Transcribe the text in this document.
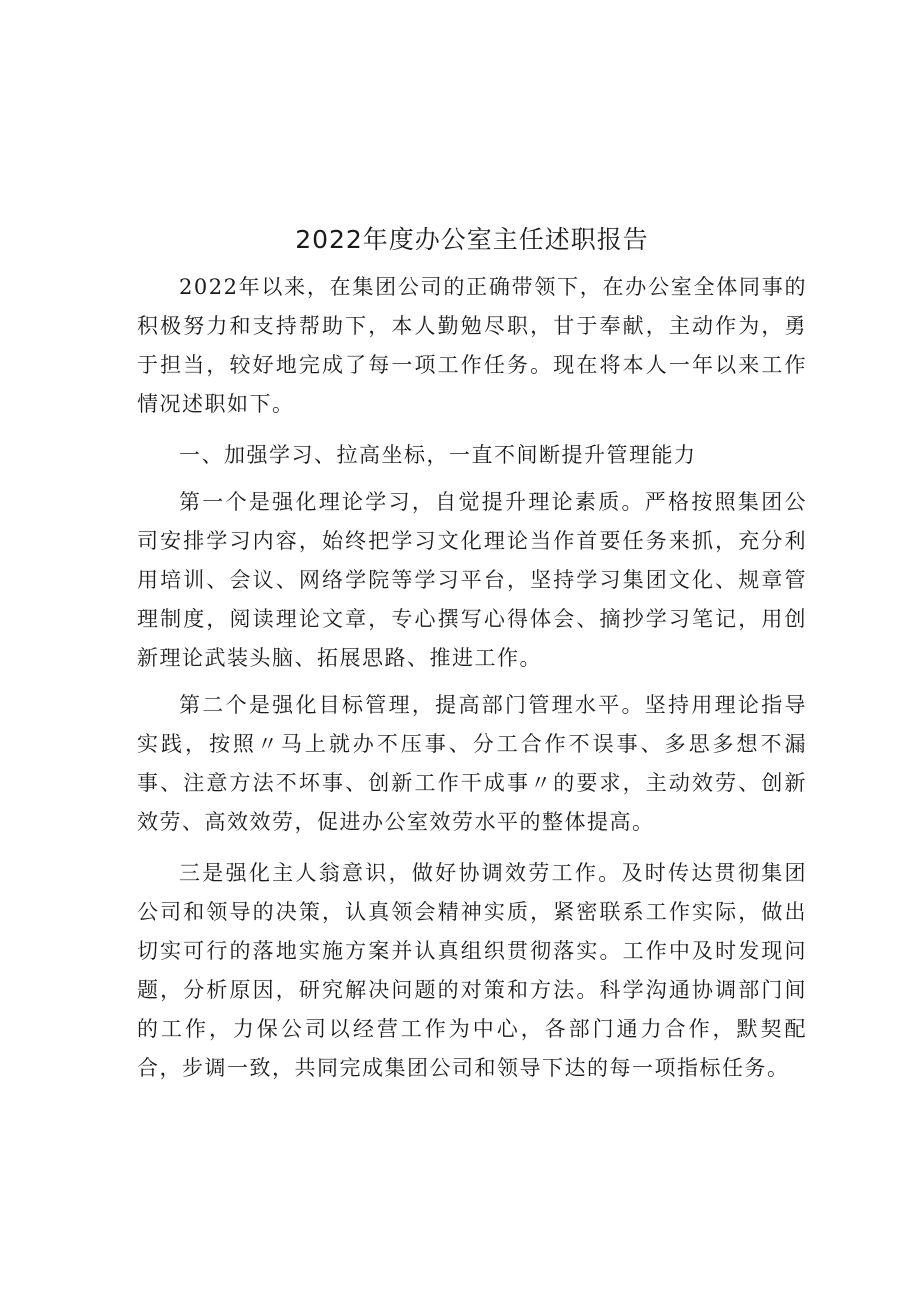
2022年度办公室主任述职报告

2022年以来，在集团公司的正确带领下，在办公室全体同事的积极努力和支持帮助下，本人勤勉尽职，甘于奉献，主动作为，勇于担当，较好地完成了每一项工作任务。现在将本人一年以来工作情况述职如下。

一、加强学习、拉高坐标，一直不间断提升管理能力

第一个是强化理论学习，自觉提升理论素质。严格按照集团公司安排学习内容，始终把学习文化理论当作首要任务来抓，充分利用培训、会议、网络学院等学习平台，坚持学习集团文化、规章管理制度，阅读理论文章，专心撰写心得体会、摘抄学习笔记，用创新理论武装头脑、拓展思路、推进工作。

第二个是强化目标管理，提高部门管理水平。坚持用理论指导实践，按照〃马上就办不压事、分工合作不误事、多思多想不漏事、注意方法不坏事、创新工作干成事〃的要求，主动效劳、创新效劳、高效效劳，促进办公室效劳水平的整体提高。

三是强化主人翁意识，做好协调效劳工作。及时传达贯彻集团公司和领导的决策，认真领会精神实质，紧密联系工作实际，做出切实可行的落地实施方案并认真组织贯彻落实。工作中及时发现问题，分析原因，研究解决问题的对策和方法。科学沟通协调部门间的工作，力保公司以经营工作为中心，各部门通力合作，默契配合，步调一致，共同完成集团公司和领导下达的每一项指标任务。
